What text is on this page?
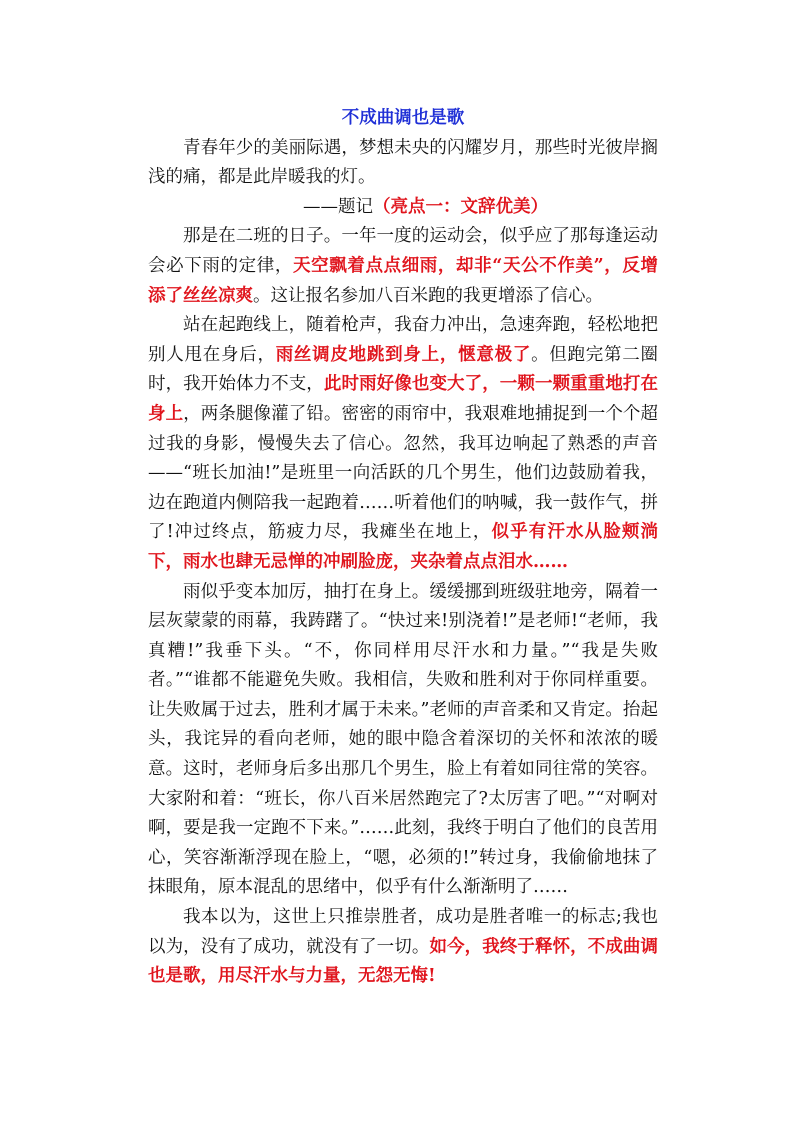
不成曲调也是歌

青春年少的美丽际遇，梦想未央的闪耀岁月，那些时光彼岸搁浅的痛，都是此岸暖我的灯。

——题记（亮点一：文辞优美）

那是在二班的日子。一年一度的运动会，似乎应了那每逢运动会必下雨的定律，天空飘着点点细雨，却非“天公不作美”，反增添了丝丝凉爽。这让报名参加八百米跑的我更增添了信心。

站在起跑线上，随着枪声，我奋力冲出，急速奔跑，轻松地把别人甩在身后，雨丝调皮地跳到身上，惬意极了。但跑完第二圈时，我开始体力不支，此时雨好像也变大了，一颗一颗重重地打在身上，两条腿像灌了铅。密密的雨帘中，我艰难地捕捉到一个个超过我的身影，慢慢失去了信心。忽然，我耳边响起了熟悉的声音——“班长加油!”是班里一向活跃的几个男生，他们边鼓励着我，边在跑道内侧陪我一起跑着……听着他们的呐喊，我一鼓作气，拼了!冲过终点，筋疲力尽，我瘫坐在地上，似乎有汗水从脸颊淌下，雨水也肆无忌惮的冲刷脸庞，夹杂着点点泪水……

雨似乎变本加厉，抽打在身上。缓缓挪到班级驻地旁，隔着一层灰蒙蒙的雨幕，我踌躇了。“快过来!别浇着!”是老师!“老师，我真糟!”我垂下头。“不，你同样用尽汗水和力量。”“我是失败者。”“谁都不能避免失败。我相信，失败和胜利对于你同样重要。让失败属于过去，胜利才属于未来。”老师的声音柔和又肯定。抬起头，我诧异的看向老师，她的眼中隐含着深切的关怀和浓浓的暖意。这时，老师身后多出那几个男生，脸上有着如同往常的笑容。大家附和着：“班长，你八百米居然跑完了?太厉害了吧。”“对啊对啊，要是我一定跑不下来。”……此刻，我终于明白了他们的良苦用心，笑容渐渐浮现在脸上，“嗯，必须的!”转过身，我偷偷地抹了抹眼角，原本混乱的思绪中，似乎有什么渐渐明了……

我本以为，这世上只推崇胜者，成功是胜者唯一的标志;我也以为，没有了成功，就没有了一切。如今，我终于释怀，不成曲调也是歌，用尽汗水与力量，无怨无悔!
